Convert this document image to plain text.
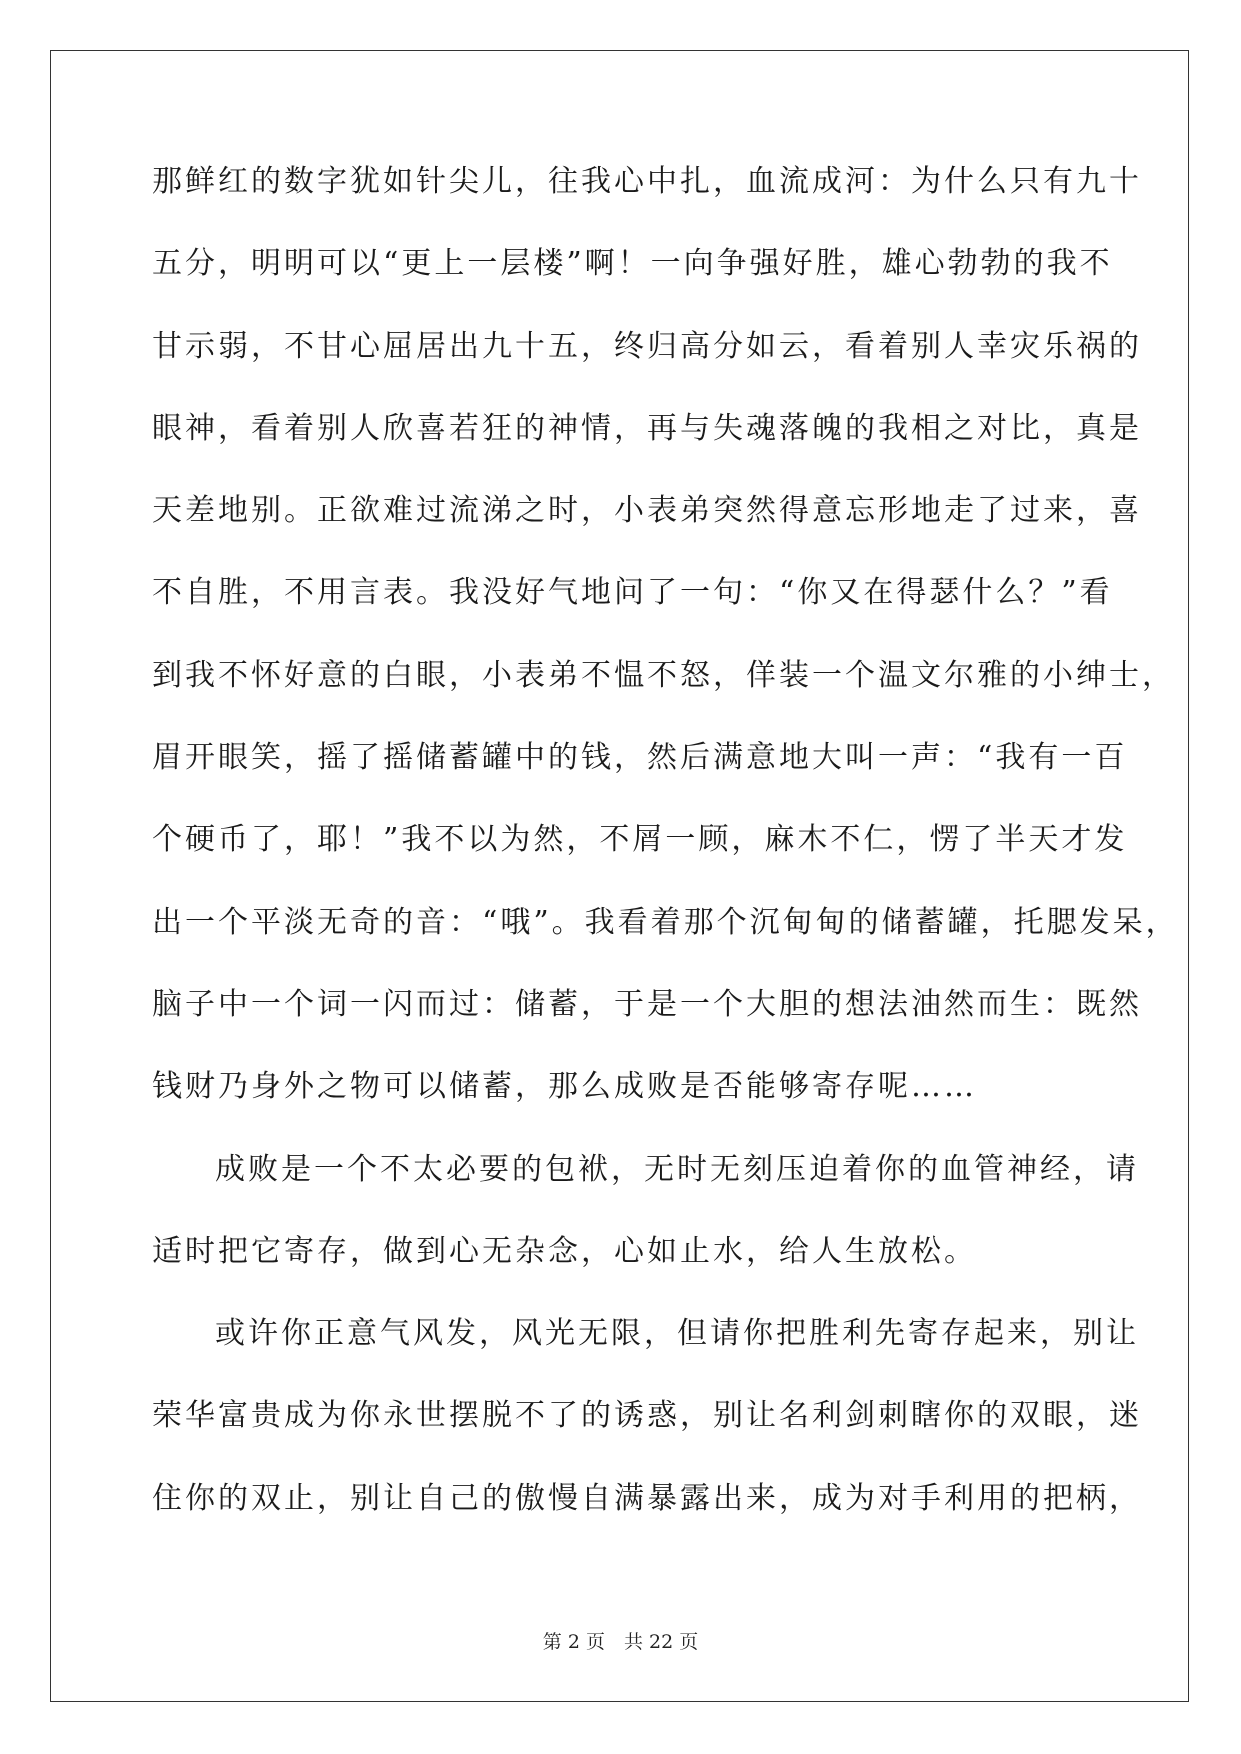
那鲜红的数字犹如针尖儿，往我心中扎，血流成河：为什么只有九十
五分，明明可以“更上一层楼”啊！一向争强好胜，雄心勃勃的我不
甘示弱，不甘心屈居出九十五，终归高分如云，看着别人幸灾乐祸的
眼神，看着别人欣喜若狂的神情，再与失魂落魄的我相之对比，真是
天差地别。正欲难过流涕之时，小表弟突然得意忘形地走了过来，喜
不自胜，不用言表。我没好气地问了一句：“你又在得瑟什么？”看
到我不怀好意的白眼，小表弟不愠不怒，佯装一个温文尔雅的小绅士，
眉开眼笑，摇了摇储蓄罐中的钱，然后满意地大叫一声：“我有一百
个硬币了，耶！”我不以为然，不屑一顾，麻木不仁，愣了半天才发
出一个平淡无奇的音：“哦”。我看着那个沉甸甸的储蓄罐，托腮发呆，
脑子中一个词一闪而过：储蓄，于是一个大胆的想法油然而生：既然
钱财乃身外之物可以储蓄，那么成败是否能够寄存呢……
成败是一个不太必要的包袱，无时无刻压迫着你的血管神经，请
适时把它寄存，做到心无杂念，心如止水，给人生放松。
或许你正意气风发，风光无限，但请你把胜利先寄存起来，别让
荣华富贵成为你永世摆脱不了的诱惑，别让名利剑刺瞎你的双眼，迷
住你的双止，别让自己的傲慢自满暴露出来，成为对手利用的把柄，
第 2 页　共 22 页
